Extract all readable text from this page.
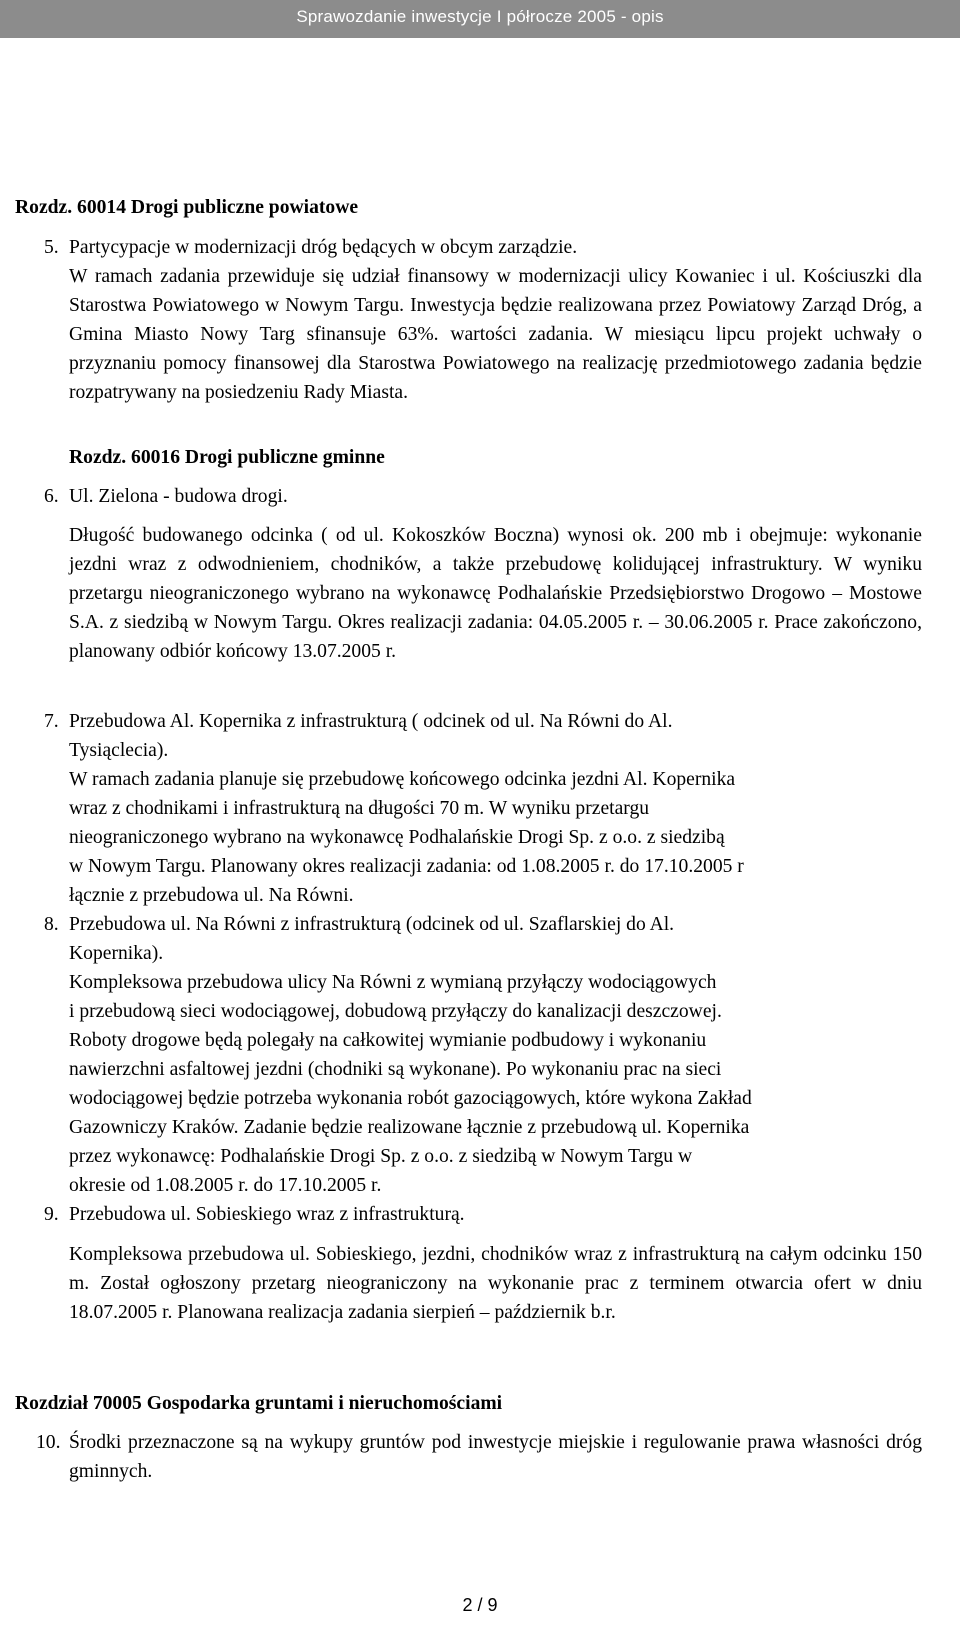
Sprawozdanie inwestycje I półrocze 2005 - opis
Rozdz. 60014 Drogi publiczne powiatowe
5. Partycypacje w modernizacji dróg będących w obcym zarządzie.
W ramach zadania przewiduje się udział finansowy w modernizacji ulicy Kowaniec i ul. Kościuszki dla Starostwa Powiatowego w Nowym Targu. Inwestycja będzie realizowana przez Powiatowy Zarząd Dróg, a Gmina Miasto Nowy Targ sfinansuje 63%. wartości zadania. W miesiącu lipcu projekt uchwały o przyznaniu pomocy finansowej dla Starostwa Powiatowego na realizację przedmiotowego zadania będzie rozpatrywany na posiedzeniu Rady Miasta.
Rozdz. 60016 Drogi publiczne gminne
6. Ul. Zielona - budowa drogi.
Długość budowanego odcinka ( od ul. Kokoszków Boczna) wynosi ok. 200 mb i obejmuje: wykonanie jezdni wraz z odwodnieniem, chodników, a także przebudowę kolidującej infrastruktury. W wyniku przetargu nieograniczonego wybrano na wykonawcę Podhalańskie Przedsiębiorstwo Drogowo – Mostowe S.A. z siedzibą w Nowym Targu. Okres realizacji zadania: 04.05.2005 r. – 30.06.2005 r. Prace zakończono, planowany odbiór końcowy 13.07.2005 r.
7. Przebudowa Al. Kopernika z infrastrukturą ( odcinek od ul. Na Równi do Al.
Tysiąclecia).
W ramach zadania planuje się przebudowę końcowego odcinka jezdni Al. Kopernika
wraz z chodnikami i infrastrukturą na długości 70 m. W wyniku przetargu
nieograniczonego wybrano na wykonawcę Podhalańskie Drogi Sp. z o.o. z siedzibą
w Nowym Targu. Planowany okres realizacji zadania: od 1.08.2005 r. do 17.10.2005 r
łącznie z przebudowa ul. Na Równi.
8. Przebudowa ul. Na Równi z infrastrukturą (odcinek od ul. Szaflarskiej do Al.
Kopernika).
Kompleksowa przebudowa ulicy Na Równi z wymianą przyłączy wodociągowych
i przebudową sieci wodociągowej, dobudową przyłączy do kanalizacji deszczowej.
Roboty drogowe będą polegały na całkowitej wymianie podbudowy i wykonaniu
nawierzchni asfaltowej jezdni (chodniki są wykonane). Po wykonaniu prac na sieci
wodociągowej będzie potrzeba wykonania robót gazociągowych, które wykona Zakład
Gazowniczy Kraków. Zadanie będzie realizowane łącznie z przebudową ul. Kopernika
przez wykonawcę: Podhalańskie Drogi Sp. z o.o. z siedzibą w Nowym Targu w
okresie od 1.08.2005 r. do 17.10.2005 r.
9. Przebudowa ul. Sobieskiego wraz z infrastrukturą.
Kompleksowa przebudowa ul. Sobieskiego, jezdni, chodników wraz z infrastrukturą na całym odcinku 150 m. Został ogłoszony przetarg nieograniczony na wykonanie prac z terminem otwarcia ofert w dniu 18.07.2005 r. Planowana realizacja zadania sierpień – październik b.r.
Rozdział 70005 Gospodarka gruntami i nieruchomościami
10. Środki przeznaczone są na wykupy gruntów pod inwestycje miejskie i regulowanie prawa własności dróg gminnych.
2 / 9
